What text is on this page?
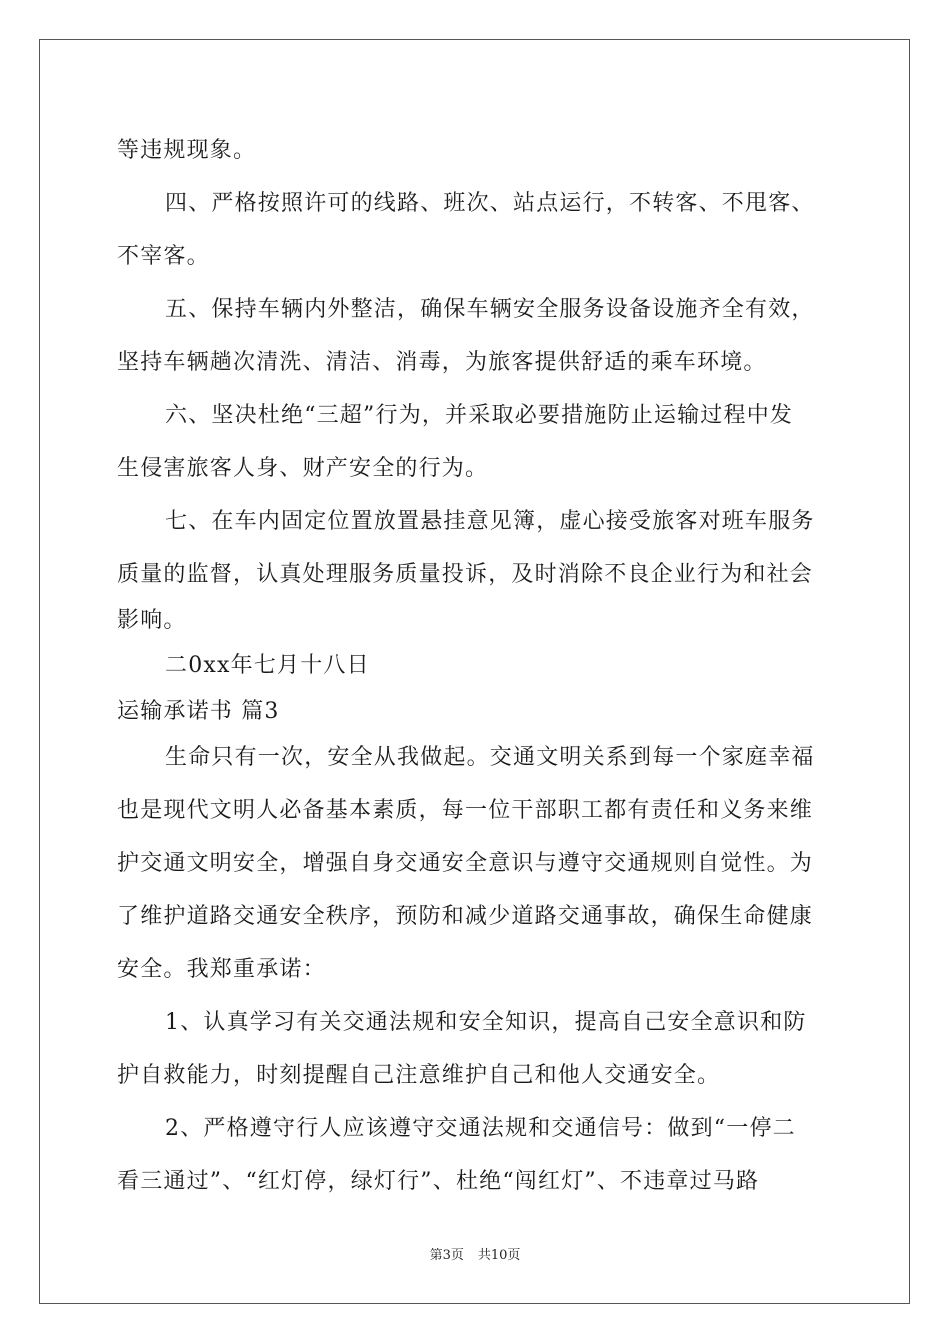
等违规现象。
四、严格按照许可的线路、班次、站点运行，不转客、不甩客、
不宰客。
五、保持车辆内外整洁，确保车辆安全服务设备设施齐全有效，
坚持车辆趟次清洗、清洁、消毒，为旅客提供舒适的乘车环境。
六、坚决杜绝“三超”行为，并采取必要措施防止运输过程中发
生侵害旅客人身、财产安全的行为。
七、在车内固定位置放置悬挂意见簿，虚心接受旅客对班车服务
质量的监督，认真处理服务质量投诉，及时消除不良企业行为和社会
影响。
二0xx年七月十八日
运输承诺书 篇3
生命只有一次，安全从我做起。交通文明关系到每一个家庭幸福
也是现代文明人必备基本素质，每一位干部职工都有责任和义务来维
护交通文明安全，增强自身交通安全意识与遵守交通规则自觉性。为
了维护道路交通安全秩序，预防和减少道路交通事故，确保生命健康
安全。我郑重承诺：
1、认真学习有关交通法规和安全知识，提高自己安全意识和防
护自救能力，时刻提醒自己注意维护自己和他人交通安全。
2、严格遵守行人应该遵守交通法规和交通信号：做到“一停二
看三通过”、“红灯停，绿灯行”、杜绝“闯红灯”、不违章过马路
第3页 共10页
